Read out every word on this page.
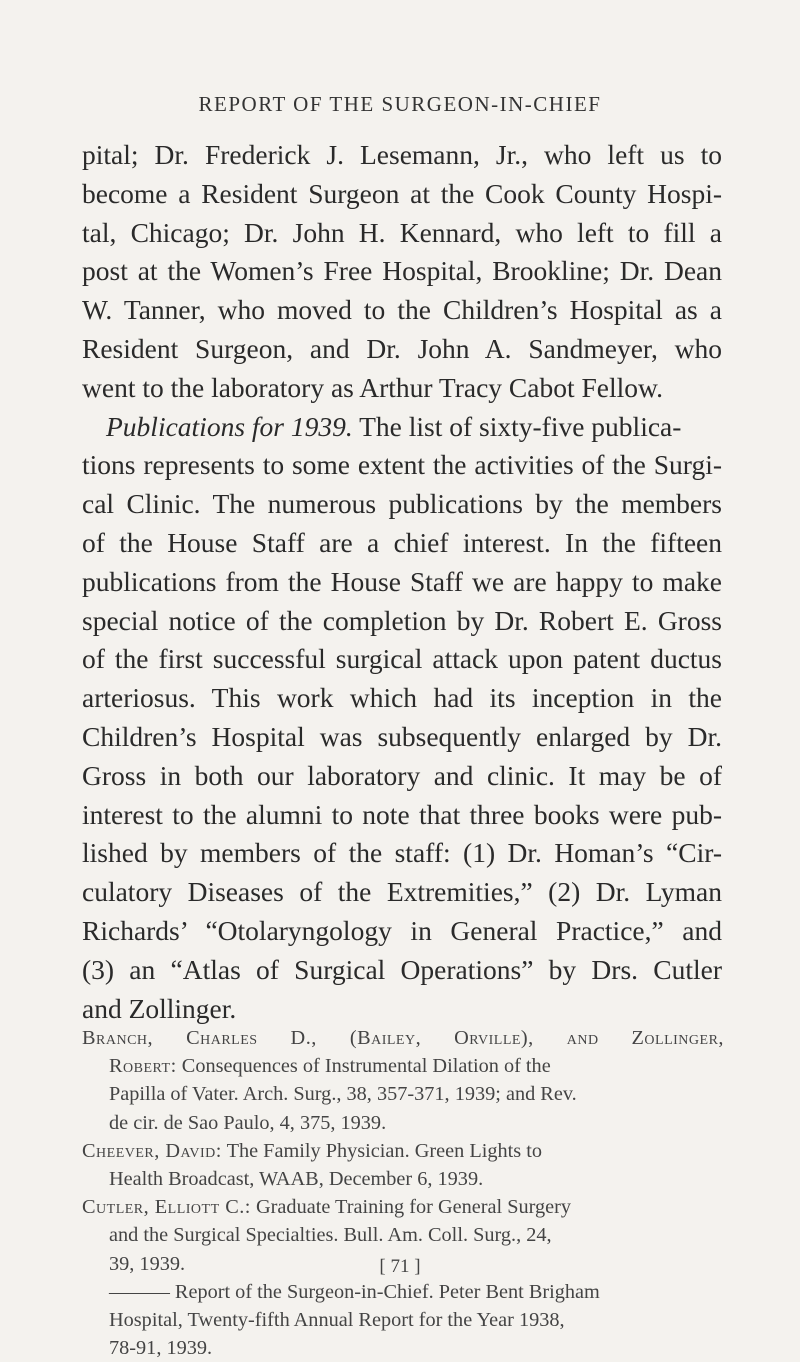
REPORT OF THE SURGEON-IN-CHIEF
pital; Dr. Frederick J. Lesemann, Jr., who left us to
become a Resident Surgeon at the Cook County Hospi-
tal, Chicago; Dr. John H. Kennard, who left to fill a
post at the Women’s Free Hospital, Brookline; Dr. Dean
W. Tanner, who moved to the Children’s Hospital as a
Resident Surgeon, and Dr. John A. Sandmeyer, who
went to the laboratory as Arthur Tracy Cabot Fellow.
Publications for 1939. The list of sixty-five publica-
tions represents to some extent the activities of the Surgi-
cal Clinic. The numerous publications by the members
of the House Staff are a chief interest. In the fifteen
publications from the House Staff we are happy to make
special notice of the completion by Dr. Robert E. Gross
of the first successful surgical attack upon patent ductus
arteriosus. This work which had its inception in the
Children’s Hospital was subsequently enlarged by Dr.
Gross in both our laboratory and clinic. It may be of
interest to the alumni to note that three books were pub-
lished by members of the staff: (1) Dr. Homan’s “Cir-
culatory Diseases of the Extremities,” (2) Dr. Lyman
Richards’ “Otolaryngology in General Practice,” and
(3) an “Atlas of Surgical Operations” by Drs. Cutler
and Zollinger.
Branch, Charles D., (Bailey, Orville), and Zollinger,
Robert: Consequences of Instrumental Dilation of the
Papilla of Vater. Arch. Surg., 38, 357-371, 1939; and Rev.
de cir. de Sao Paulo, 4, 375, 1939.
Cheever, David: The Family Physician. Green Lights to
Health Broadcast, WAAB, December 6, 1939.
Cutler, Elliott C.: Graduate Training for General Surgery
and the Surgical Specialties. Bull. Am. Coll. Surg., 24,
39, 1939.
——— Report of the Surgeon-in-Chief. Peter Bent Brigham
Hospital, Twenty-fifth Annual Report for the Year 1938,
78-91, 1939.
[ 71 ]
